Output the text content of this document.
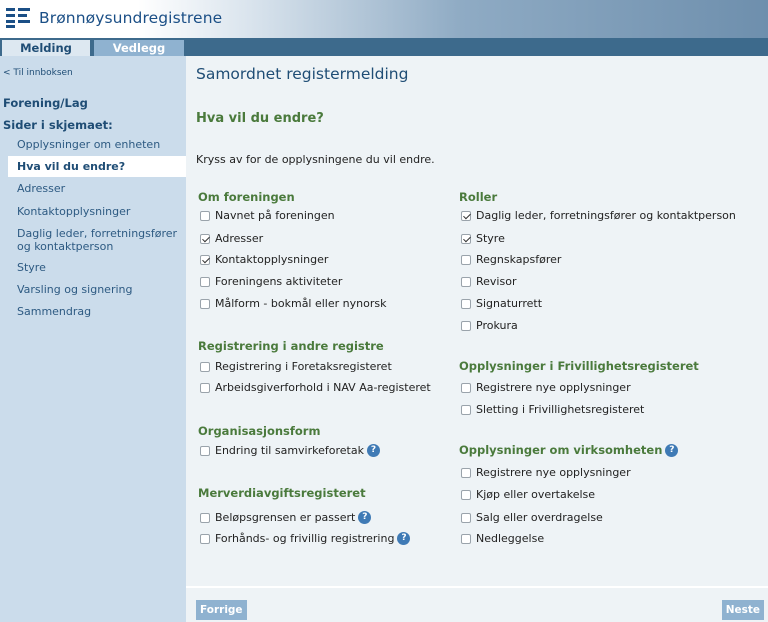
Brønnøysundregistrene
Melding	Vedlegg
< Til innboksen
Forening/Lag
Sider i skjemaet:
Opplysninger om enheten
Hva vil du endre?
Adresser
Kontaktopplysninger
Daglig leder, forretningsfører og kontaktperson
Styre
Varsling og signering
Sammendrag
Samordnet registermelding
Hva vil du endre?
Kryss av for de opplysningene du vil endre.
Om foreningen
Navnet på foreningen
Adresser
Kontaktopplysninger
Foreningens aktiviteter
Målform - bokmål eller nynorsk
Registrering i andre registre
Registrering i Foretaksregisteret
Arbeidsgiverforhold i NAV Aa-registeret
Organisasjonsform
Endring til samvirkeforetak ?
Merverdiavgiftsregisteret
Beløpsgrensen er passert ?
Forhånds- og frivillig registrering ?
Roller
Daglig leder, forretningsfører og kontaktperson
Styre
Regnskapsfører
Revisor
Signaturrett
Prokura
Opplysninger i Frivillighetsregisteret
Registrere nye opplysninger
Sletting i Frivillighetsregisteret
Opplysninger om virksomheten ?
Registrere nye opplysninger
Kjøp eller overtakelse
Salg eller overdragelse
Nedleggelse
Forrige	Neste
